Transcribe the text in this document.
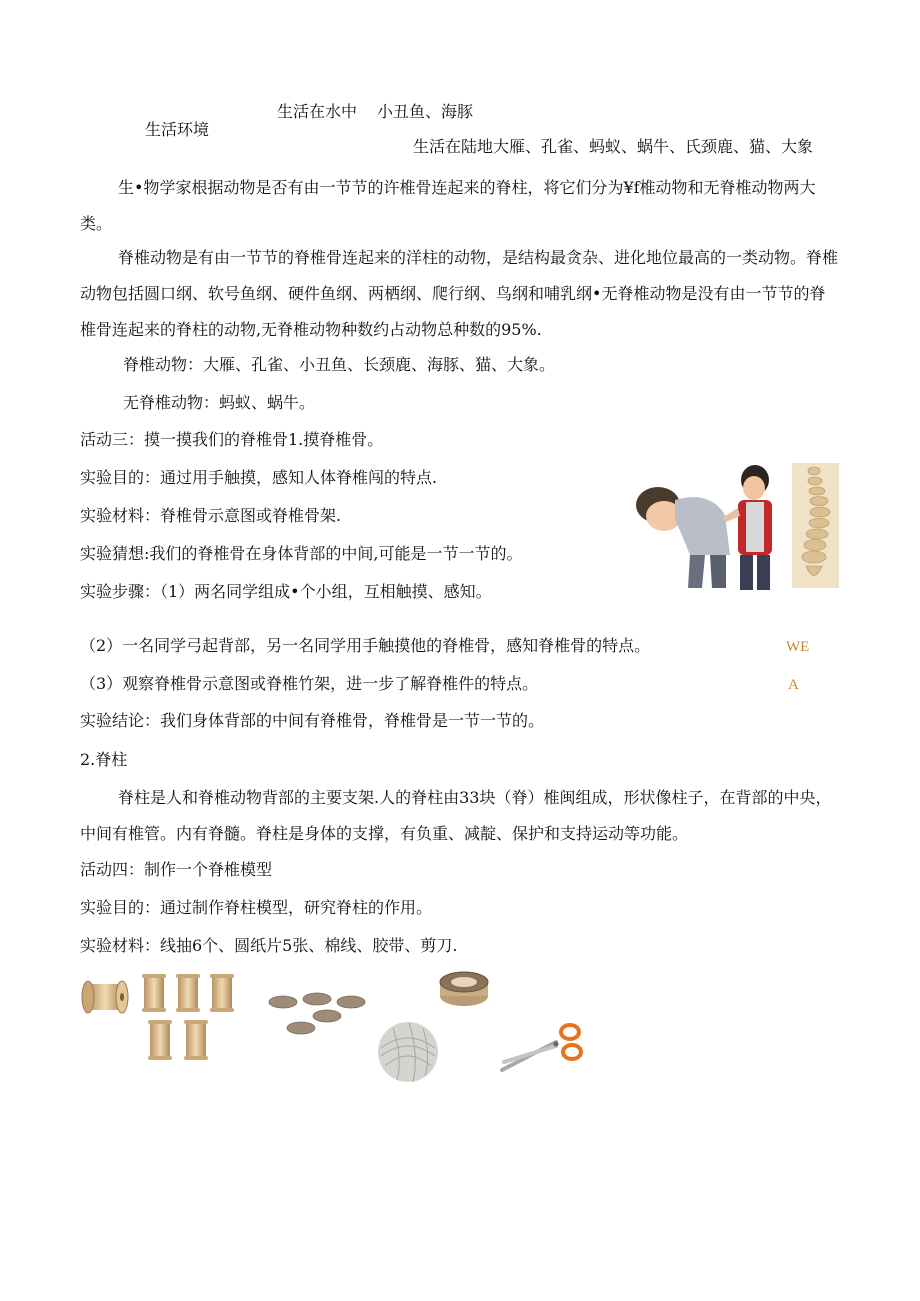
生活在水中 小丑鱼、海豚
生活环境
生活在陆地大雁、孔雀、蚂蚁、蜗牛、氏颈鹿、猫、大象
生•物学家根据动物是否有由一节节的许椎骨连起来的脊柱，将它们分为¥f椎动物和无脊椎动物两大类。
脊椎动物是有由一节节的脊椎骨连起来的洋柱的动物，是结构最贪杂、进化地位最高的一类动物。脊椎动物包括圆口纲、软号鱼纲、硬件鱼纲、两栖纲、爬行纲、鸟纲和哺乳纲•无脊椎动物是没有由一节节的脊椎骨连起来的脊柱的动物,无脊椎动物种数约占动物总种数的95%.
脊椎动物：大雁、孔雀、小丑鱼、长颈鹿、海豚、猫、大象。
无脊椎动物：蚂蚁、蜗牛。
活动三：摸一摸我们的脊椎骨1.摸脊椎骨。
实验目的：通过用手触摸，感知人体脊椎闯的特点.
实验材料：脊椎骨示意图或脊椎骨架.
实验猜想:我们的脊椎骨在身体背部的中间,可能是一节一节的。
实验步骤：（1）两名同学组成•个小组，互相触摸、感知。
（2）一名同学弓起背部，另一名同学用手触摸他的脊椎骨，感知脊椎骨的特点。	WE
（3）观察脊椎骨示意图或脊椎竹架，进一步了解脊椎件的特点。	A
实验结论：我们身体背部的中间有脊椎骨，脊椎骨是一节一节的。
2.脊柱
脊柱是人和脊椎动物背部的主要支架.人的脊柱由33块（脊）椎闽组成，形状像柱子，在背部的中央，中间有椎管。内有脊髓。脊柱是身体的支撑，有负重、减靛、保护和支持运动等功能。
活动四：制作一个脊椎模型
实验目的：通过制作脊柱模型，研究脊柱的作用。
实验材料：线抽6个、圆纸片5张、棉线、胶带、剪刀.
